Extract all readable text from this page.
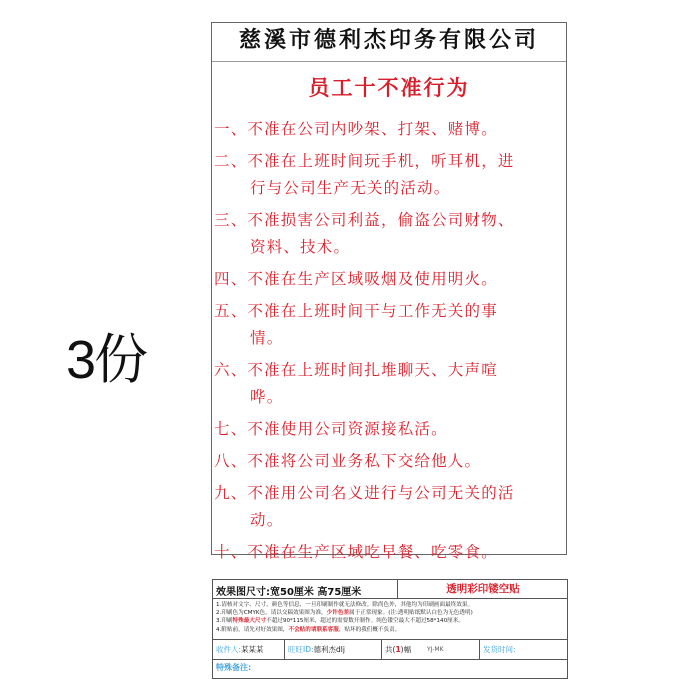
3份
慈溪市德利杰印务有限公司
员工十不准行为
一、不准在公司内吵架、打架、赌博。
二、不准在上班时间玩手机，听耳机，进
行与公司生产无关的活动。
三、不准损害公司利益，偷盗公司财物、
资料、技术。
四、不准在生产区域吸烟及使用明火。
五、不准在上班时间干与工作无关的事
情。
六、不准在上班时间扎堆聊天、大声喧
哗。
七、不准使用公司资源接私活。
八、不准将公司业务私下交给他人。
九、不准用公司名义进行与公司无关的活
动。
十、不准在生产区域吃早餐、吃零食。
效果图尺寸:宽50厘米 高75厘米	透明彩印镂空贴
1.请核对文字、尺寸、颜色等信息，一旦印刷制作就无法修改。除尚色外，其他均为印刷画面最终效果。
2.印刷色为CMYK色，请以交稿效果图为准，少许色差属于正常现象。(注:透明贴纸默认白色为无色透明)
3.印刷特殊最大尺寸不超过90*115厘米，超过的需要数开制作。纯色镂空最大不超过58*140厘米。
4.附贴前，请先对好效果图，不会贴的请联系客服，贴坏的我们概不负责。
收件人:某某某	旺旺ID:德利杰dlj	共(1)幅	YJ-MK	发货时间:
特殊备注:
